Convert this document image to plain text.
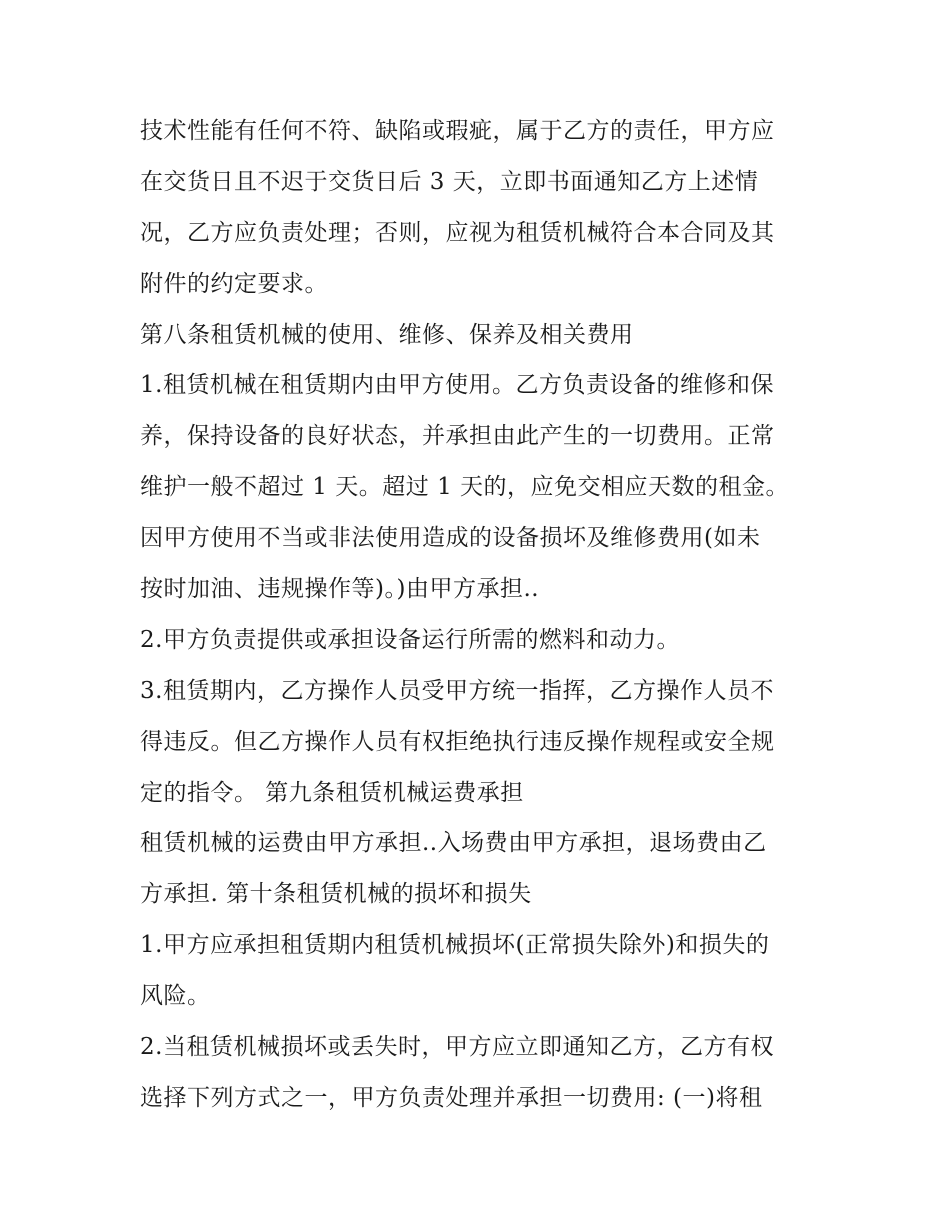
技术性能有任何不符、缺陷或瑕疵，属于乙方的责任，甲方应
在交货日且不迟于交货日后 3 天，立即书面通知乙方上述情
况，乙方应负责处理；否则，应视为租赁机械符合本合同及其
附件的约定要求。
第八条租赁机械的使用、维修、保养及相关费用
1.租赁机械在租赁期内由甲方使用。乙方负责设备的维修和保
养，保持设备的良好状态，并承担由此产生的一切费用。正常
维护一般不超过 1 天。超过 1 天的，应免交相应天数的租金。
因甲方使用不当或非法使用造成的设备损坏及维修费用(如未
按时加油、违规操作等)。)由甲方承担..
2.甲方负责提供或承担设备运行所需的燃料和动力。
3.租赁期内，乙方操作人员受甲方统一指挥，乙方操作人员不
得违反。但乙方操作人员有权拒绝执行违反操作规程或安全规
定的指令。 第九条租赁机械运费承担
租赁机械的运费由甲方承担..入场费由甲方承担，退场费由乙
方承担. 第十条租赁机械的损坏和损失
1.甲方应承担租赁期内租赁机械损坏(正常损失除外)和损失的
风险。
2.当租赁机械损坏或丢失时，甲方应立即通知乙方，乙方有权
选择下列方式之一，甲方负责处理并承担一切费用: (一)将租
